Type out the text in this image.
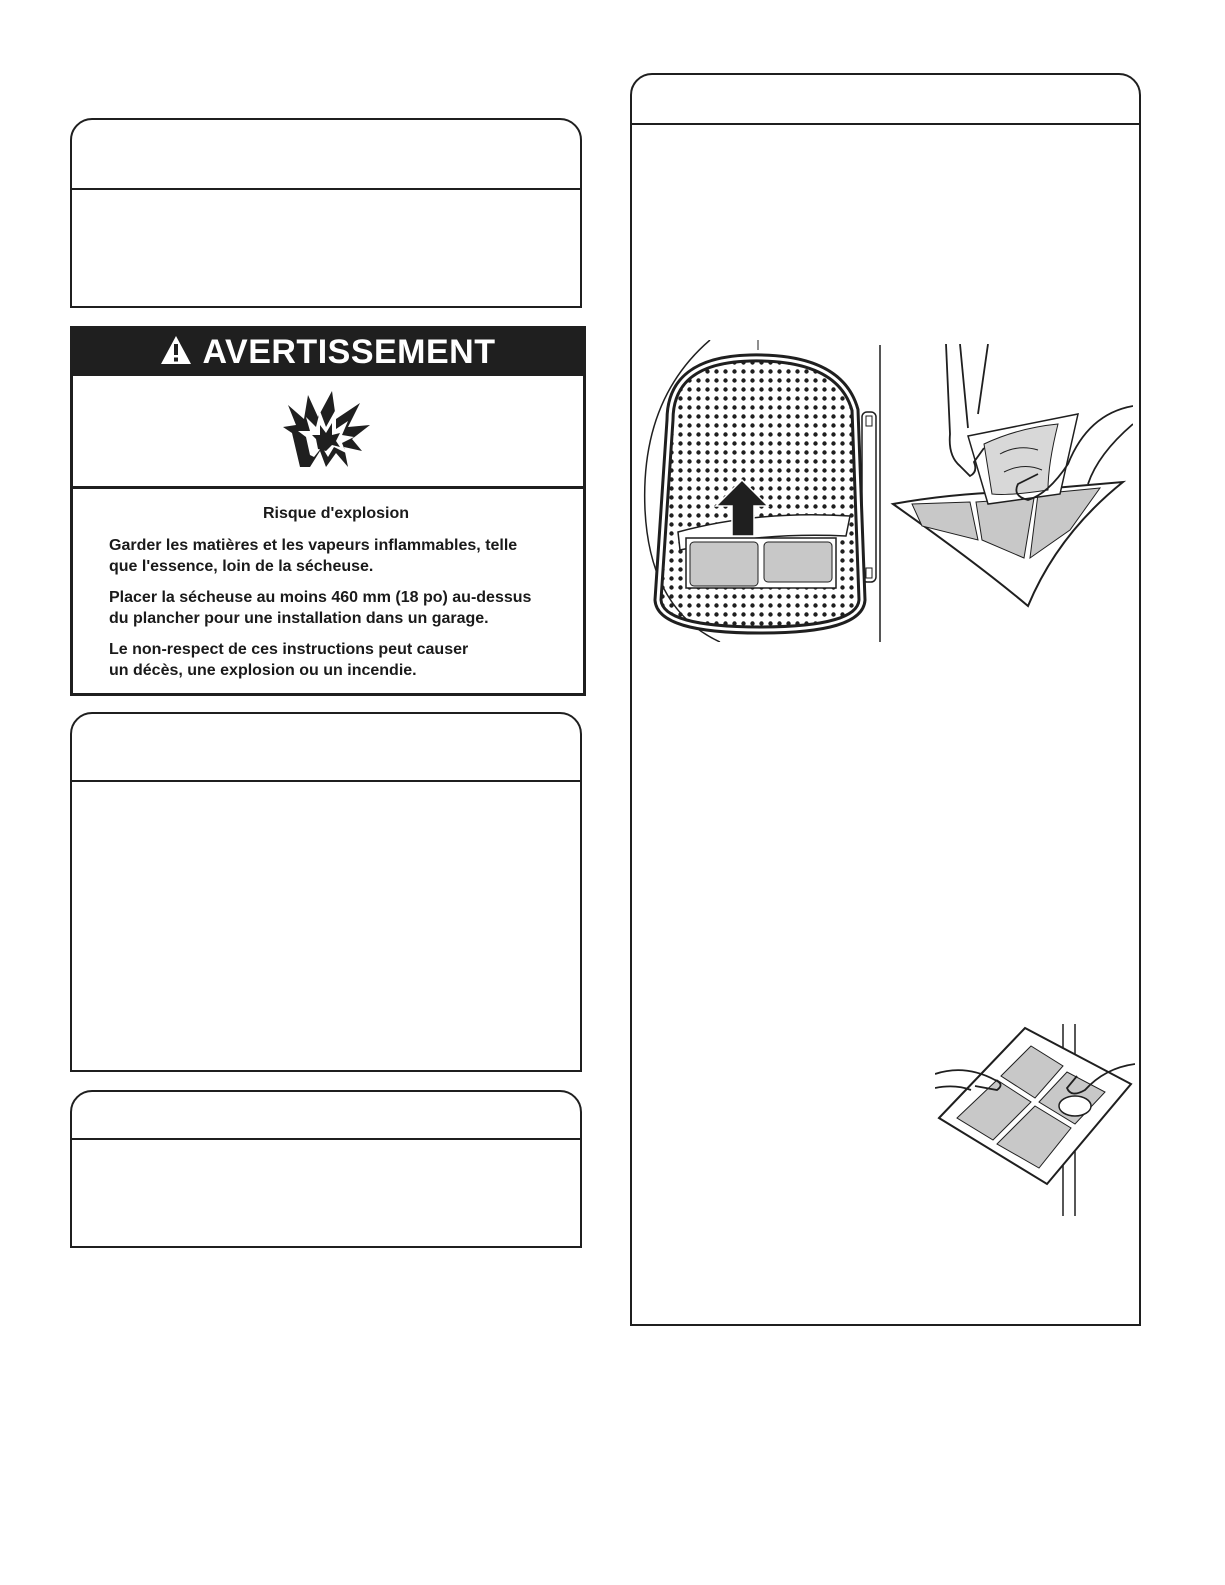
AVERTISSEMENT

Risque d'explosion

Garder les matières et les vapeurs inflammables, telle
que l'essence, loin de la sécheuse.

Placer la sécheuse au moins 460 mm (18 po) au-dessus
du plancher pour une installation dans un garage.

Le non-respect de ces instructions peut causer
un décès, une explosion ou un incendie.
